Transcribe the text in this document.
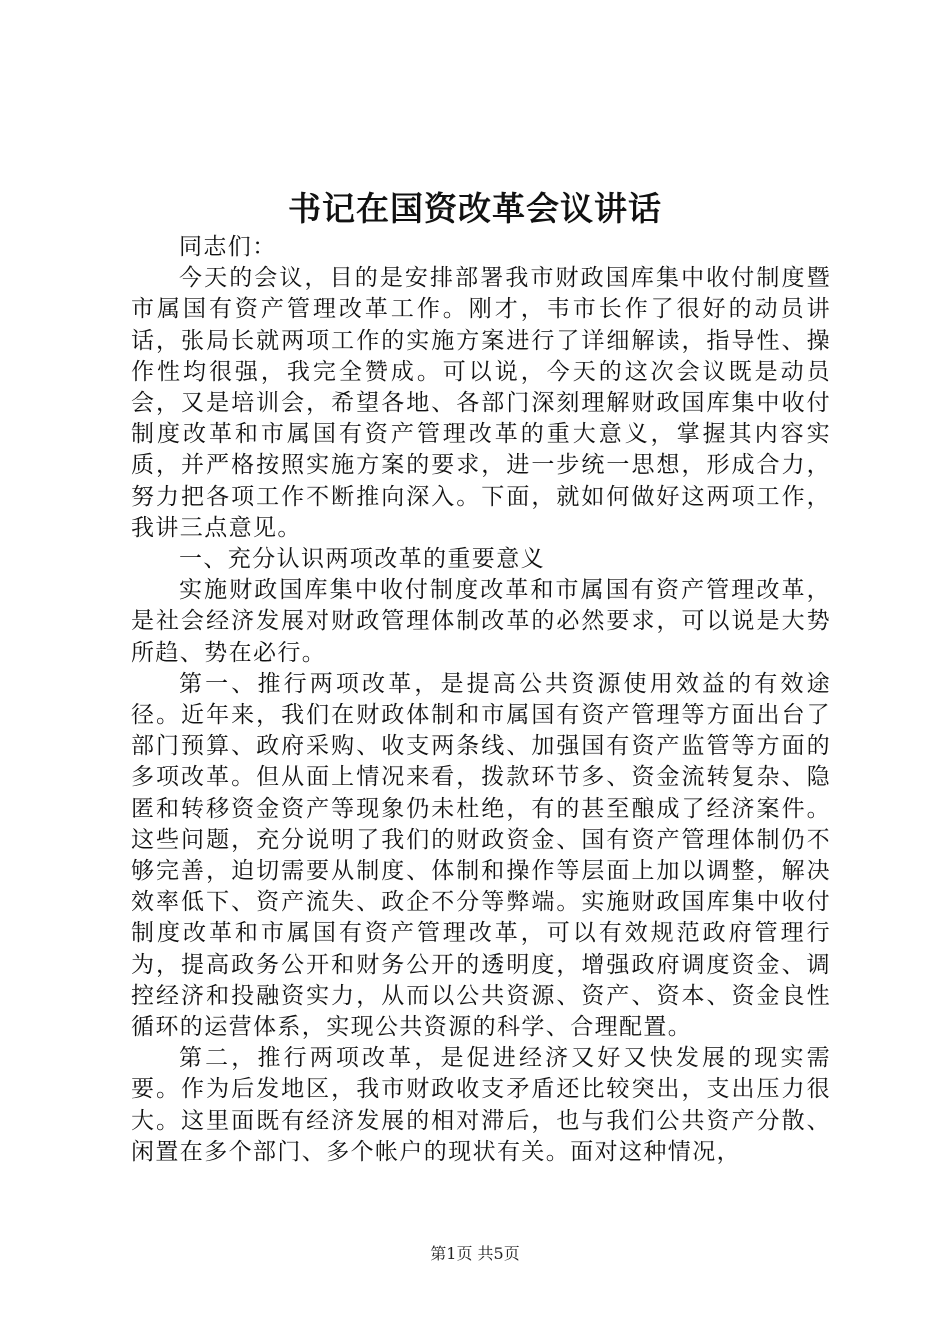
书记在国资改革会议讲话

同志们：

今天的会议，目的是安排部署我市财政国库集中收付制度暨市属国有资产管理改革工作。刚才，韦市长作了很好的动员讲话，张局长就两项工作的实施方案进行了详细解读，指导性、操作性均很强，我完全赞成。可以说，今天的这次会议既是动员会，又是培训会，希望各地、各部门深刻理解财政国库集中收付制度改革和市属国有资产管理改革的重大意义，掌握其内容实质，并严格按照实施方案的要求，进一步统一思想，形成合力，努力把各项工作不断推向深入。下面，就如何做好这两项工作，我讲三点意见。

一、充分认识两项改革的重要意义

实施财政国库集中收付制度改革和市属国有资产管理改革，是社会经济发展对财政管理体制改革的必然要求，可以说是大势所趋、势在必行。

第一、推行两项改革，是提高公共资源使用效益的有效途径。近年来，我们在财政体制和市属国有资产管理等方面出台了部门预算、政府采购、收支两条线、加强国有资产监管等方面的多项改革。但从面上情况来看，拨款环节多、资金流转复杂、隐匿和转移资金资产等现象仍未杜绝，有的甚至酿成了经济案件。这些问题，充分说明了我们的财政资金、国有资产管理体制仍不够完善，迫切需要从制度、体制和操作等层面上加以调整，解决效率低下、资产流失、政企不分等弊端。实施财政国库集中收付制度改革和市属国有资产管理改革，可以有效规范政府管理行为，提高政务公开和财务公开的透明度，增强政府调度资金、调控经济和投融资实力，从而以公共资源、资产、资本、资金良性循环的运营体系，实现公共资源的科学、合理配置。

第二，推行两项改革，是促进经济又好又快发展的现实需要。作为后发地区，我市财政收支矛盾还比较突出，支出压力很大。这里面既有经济发展的相对滞后，也与我们公共资产分散、闲置在多个部门、多个帐户的现状有关。面对这种情况，

第1页 共5页
